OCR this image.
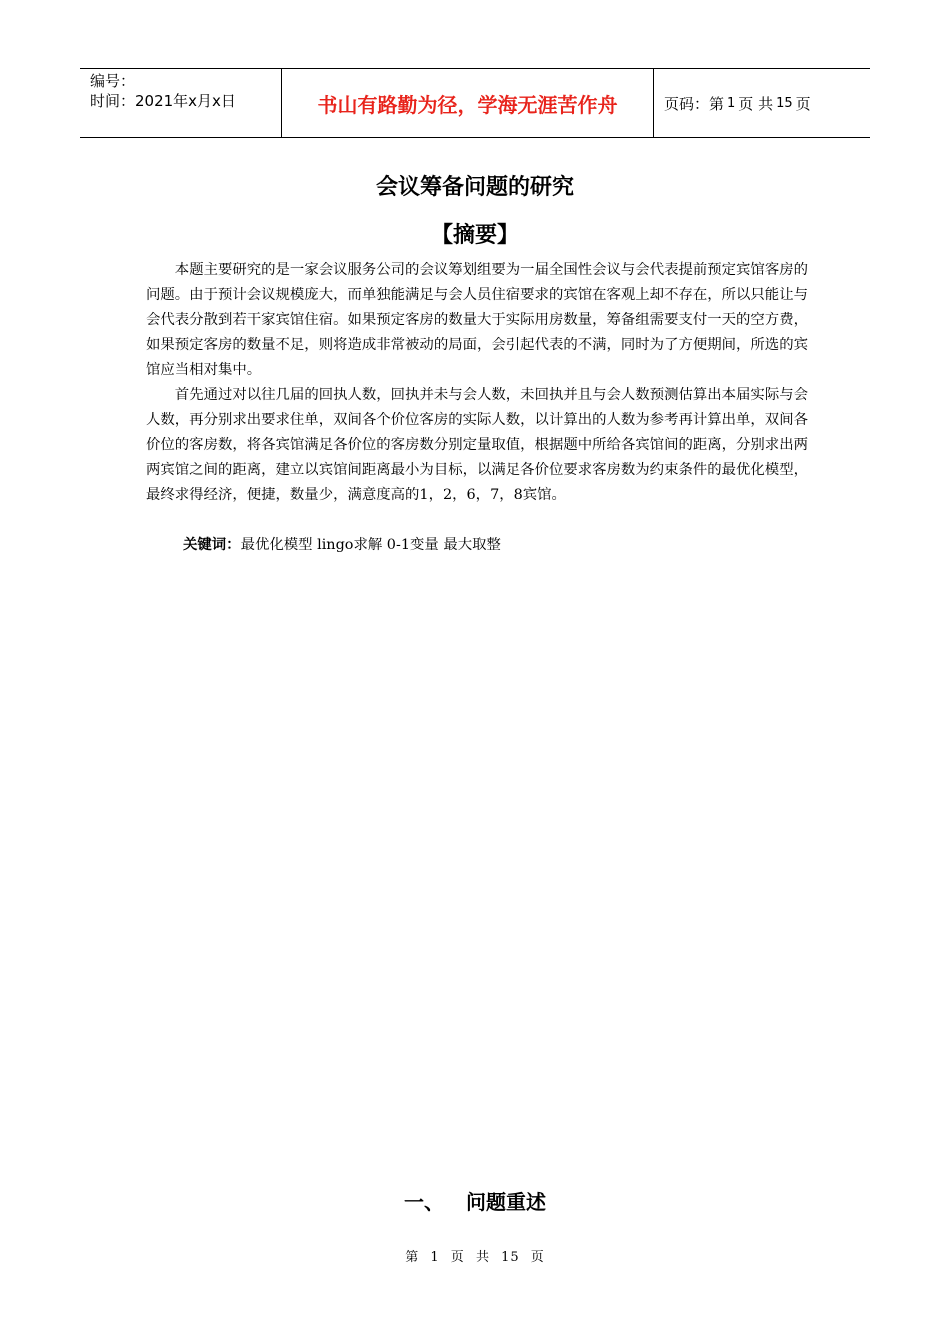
编号：
时间：2021年x月x日	书山有路勤为径，学海无涯苦作舟	页码：第 1 页 共 15 页
会议筹备问题的研究
【摘要】

本题主要研究的是一家会议服务公司的会议筹划组要为一届全国性会议与会代表提前预定宾馆客房的问题。由于预计会议规模庞大，而单独能满足与会人员住宿要求的宾馆在客观上却不存在，所以只能让与会代表分散到若干家宾馆住宿。如果预定客房的数量大于实际用房数量，筹备组需要支付一天的空方费，如果预定客房的数量不足，则将造成非常被动的局面，会引起代表的不满，同时为了方便期间，所选的宾馆应当相对集中。

首先通过对以往几届的回执人数，回执并未与会人数，未回执并且与会人数预测估算出本届实际与会人数，再分别求出要求住单，双间各个价位客房的实际人数，以计算出的人数为参考再计算出单，双间各价位的客房数，将各宾馆满足各价位的客房数分别定量取值，根据题中所给各宾馆间的距离，分别求出两两宾馆之间的距离，建立以宾馆间距离最小为目标，以满足各价位要求客房数为约束条件的最优化模型，最终求得经济，便捷，数量少，满意度高的1，2，6，7，8宾馆。

关键词：最优化模型 lingo求解 0-1变量 最大取整
一、 问题重述
第 1 页 共 15 页
